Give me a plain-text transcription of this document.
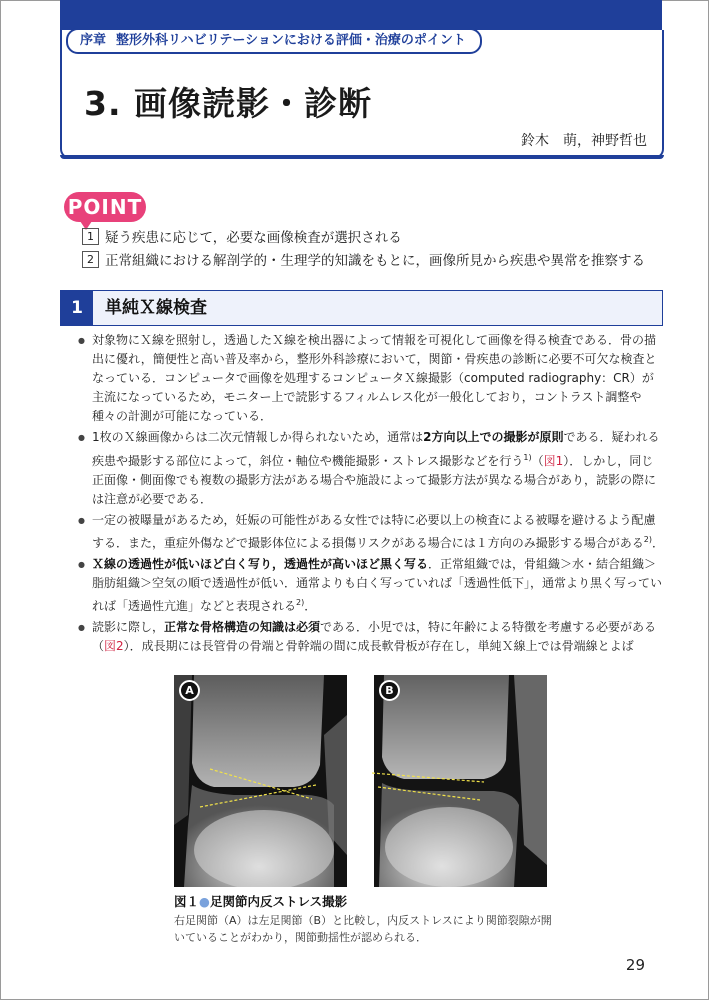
序章 整形外科リハビリテーションにおける評価・治療のポイント
3. 画像読影・診断
鈴木　萌，神野哲也
POINT
1 疑う疾患に応じて，必要な画像検査が選択される
2 正常組織における解剖学的・生理学的知識をもとに，画像所見から疾患や異常を推察する
1	単純Ｘ線検査
● 対象物にＸ線を照射し，透過したＸ線を検出器によって情報を可視化して画像を得る検査である．骨の描出に優れ，簡便性と高い普及率から，整形外科診療において，関節・骨疾患の診断に必要不可欠な検査となっている．コンピュータで画像を処理するコンピュータＸ線撮影（computed radiography：CR）が主流になっているため，モニター上で読影するフィルムレス化が一般化しており，コントラスト調整や種々の計測が可能になっている．
● 1枚のＸ線画像からは二次元情報しか得られないため，通常は2方向以上での撮影が原則である．疑われる疾患や撮影する部位によって，斜位・軸位や機能撮影・ストレス撮影などを行う$^{1)}$（図1）．しかし，同じ正面像・側面像でも複数の撮影方法がある場合や施設によって撮影方法が異なる場合があり，読影の際には注意が必要である．
● 一定の被曝量があるため，妊娠の可能性がある女性では特に必要以上の検査による被曝を避けるよう配慮する．また，重症外傷などで撮影体位による損傷リスクがある場合には１方向のみ撮影する場合がある$^{2)}$．
● Ｘ線の透過性が低いほど白く写り，透過性が高いほど黒く写る．正常組織では，骨組織＞水・結合組織＞脂肪組織＞空気の順で透過性が低い．通常よりも白く写っていれば「透過性低下」，通常より黒く写っていれば「透過性亢進」などと表現される$^{2)}$．
● 読影に際し，正常な骨格構造の知識は必須である．小児では，特に年齢による特徴を考慮する必要がある（図2）．成長期には長管骨の骨端と骨幹端の間に成長軟骨板が存在し，単純Ｘ線上では骨端線とよば
A	B
図１●足関節内反ストレス撮影
右足関節（A）は左足関節（B）と比較し，内反ストレスにより関節裂隙が開いていることがわかり，関節動揺性が認められる．
29
